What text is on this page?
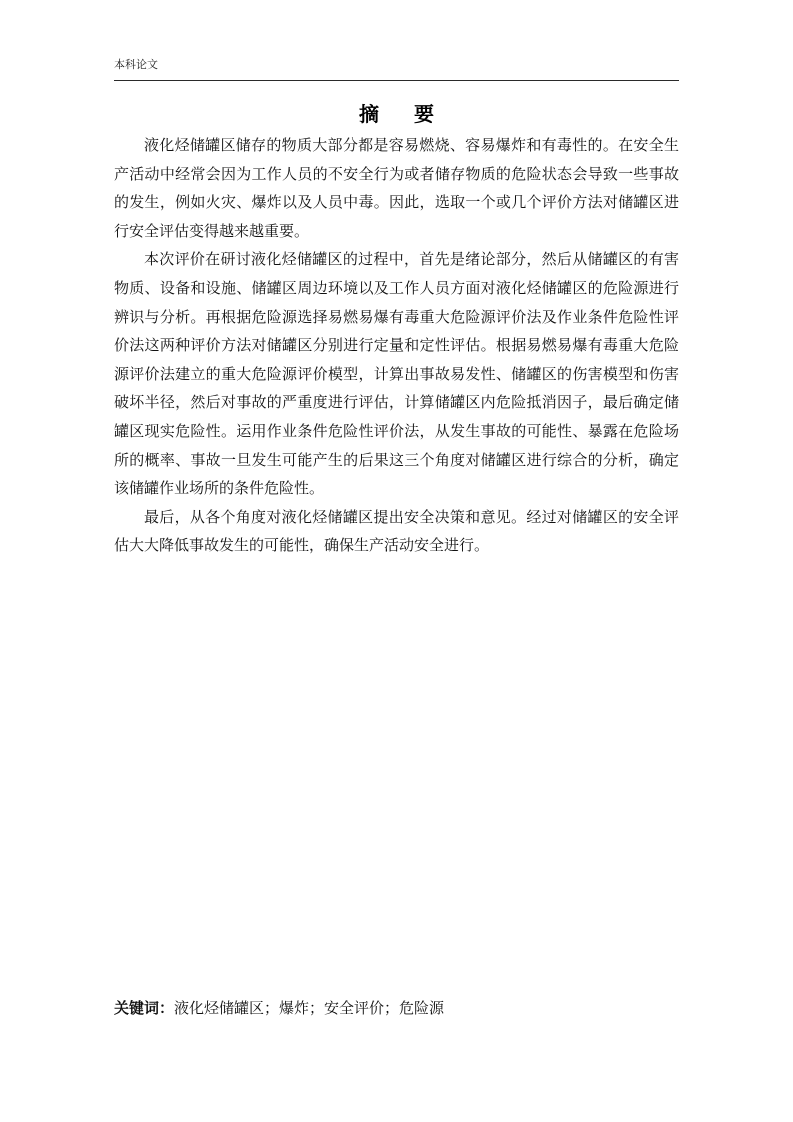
本科论文
摘 要

液化烃储罐区储存的物质大部分都是容易燃烧、容易爆炸和有毒性的。在安全生产活动中经常会因为工作人员的不安全行为或者储存物质的危险状态会导致一些事故的发生，例如火灾、爆炸以及人员中毒。因此，选取一个或几个评价方法对储罐区进行安全评估变得越来越重要。

本次评价在研讨液化烃储罐区的过程中，首先是绪论部分，然后从储罐区的有害物质、设备和设施、储罐区周边环境以及工作人员方面对液化烃储罐区的危险源进行辨识与分析。再根据危险源选择易燃易爆有毒重大危险源评价法及作业条件危险性评价法这两种评价方法对储罐区分别进行定量和定性评估。根据易燃易爆有毒重大危险源评价法建立的重大危险源评价模型，计算出事故易发性、储罐区的伤害模型和伤害破坏半径，然后对事故的严重度进行评估，计算储罐区内危险抵消因子，最后确定储罐区现实危险性。运用作业条件危险性评价法，从发生事故的可能性、暴露在危险场所的概率、事故一旦发生可能产生的后果这三个角度对储罐区进行综合的分析，确定该储罐作业场所的条件危险性。

最后，从各个角度对液化烃储罐区提出安全决策和意见。经过对储罐区的安全评估大大降低事故发生的可能性，确保生产活动安全进行。

关键词：液化烃储罐区；爆炸；安全评价；危险源
